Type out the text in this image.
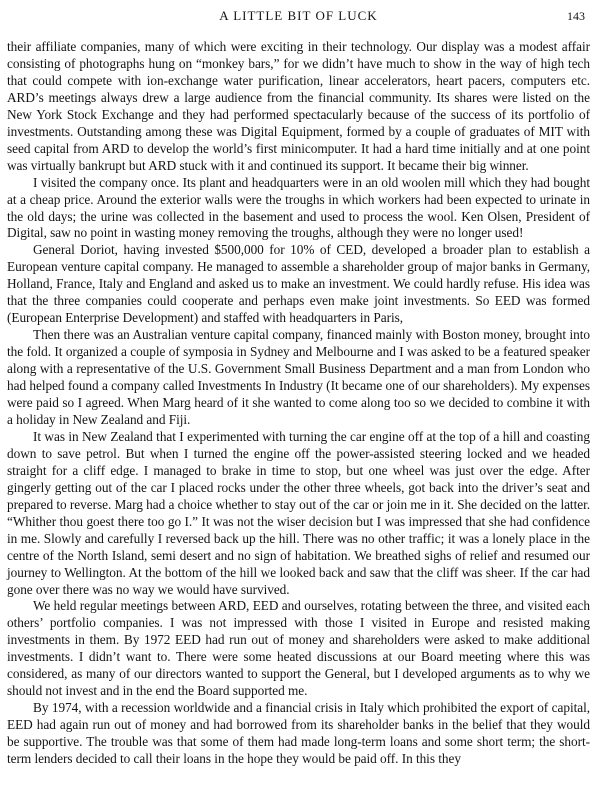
A LITTLE BIT OF LUCK	143

their affiliate companies, many of which were exciting in their technology. Our display was a modest affair consisting of photographs hung on “monkey bars,” for we didn’t have much to show in the way of high tech that could compete with ion-exchange water purification, linear accelerators, heart pacers, computers etc. ARD’s meetings always drew a large audience from the financial community. Its shares were listed on the New York Stock Exchange and they had performed spectacularly because of the success of its portfolio of investments. Outstanding among these was Digital Equipment, formed by a couple of graduates of MIT with seed capital from ARD to develop the world’s first minicomputer. It had a hard time initially and at one point was virtually bankrupt but ARD stuck with it and continued its support. It became their big winner.

I visited the company once. Its plant and headquarters were in an old woolen mill which they had bought at a cheap price. Around the exterior walls were the troughs in which workers had been expected to urinate in the old days; the urine was collected in the basement and used to process the wool. Ken Olsen, President of Digital, saw no point in wasting money removing the troughs, although they were no longer used!

General Doriot, having invested $500,000 for 10% of CED, developed a broader plan to establish a European venture capital company. He managed to assemble a shareholder group of major banks in Germany, Holland, France, Italy and England and asked us to make an investment. We could hardly refuse. His idea was that the three companies could cooperate and perhaps even make joint investments. So EED was formed (European Enterprise Development) and staffed with headquarters in Paris,

Then there was an Australian venture capital company, financed mainly with Boston money, brought into the fold. It organized a couple of symposia in Sydney and Melbourne and I was asked to be a featured speaker along with a representative of the U.S. Government Small Business Department and a man from London who had helped found a company called Investments In Industry (It became one of our shareholders). My expenses were paid so I agreed. When Marg heard of it she wanted to come along too so we decided to combine it with a holiday in New Zealand and Fiji.

It was in New Zealand that I experimented with turning the car engine off at the top of a hill and coasting down to save petrol. But when I turned the engine off the power-assisted steering locked and we headed straight for a cliff edge. I managed to brake in time to stop, but one wheel was just over the edge. After gingerly getting out of the car I placed rocks under the other three wheels, got back into the driver’s seat and prepared to reverse. Marg had a choice whether to stay out of the car or join me in it. She decided on the latter. “Whither thou goest there too go I.” It was not the wiser decision but I was impressed that she had confidence in me. Slowly and carefully I reversed back up the hill. There was no other traffic; it was a lonely place in the centre of the North Island, semi desert and no sign of habitation. We breathed sighs of relief and resumed our journey to Wellington. At the bottom of the hill we looked back and saw that the cliff was sheer. If the car had gone over there was no way we would have survived.

We held regular meetings between ARD, EED and ourselves, rotating between the three, and visited each others’ portfolio companies. I was not impressed with those I visited in Europe and resisted making investments in them. By 1972 EED had run out of money and shareholders were asked to make additional investments. I didn’t want to. There were some heated discussions at our Board meeting where this was considered, as many of our directors wanted to support the General, but I developed arguments as to why we should not invest and in the end the Board supported me.

By 1974, with a recession worldwide and a financial crisis in Italy which prohibited the export of capital, EED had again run out of money and had borrowed from its shareholder banks in the belief that they would be supportive. The trouble was that some of them had made long-term loans and some short term; the short-term lenders decided to call their loans in the hope they would be paid off. In this they
